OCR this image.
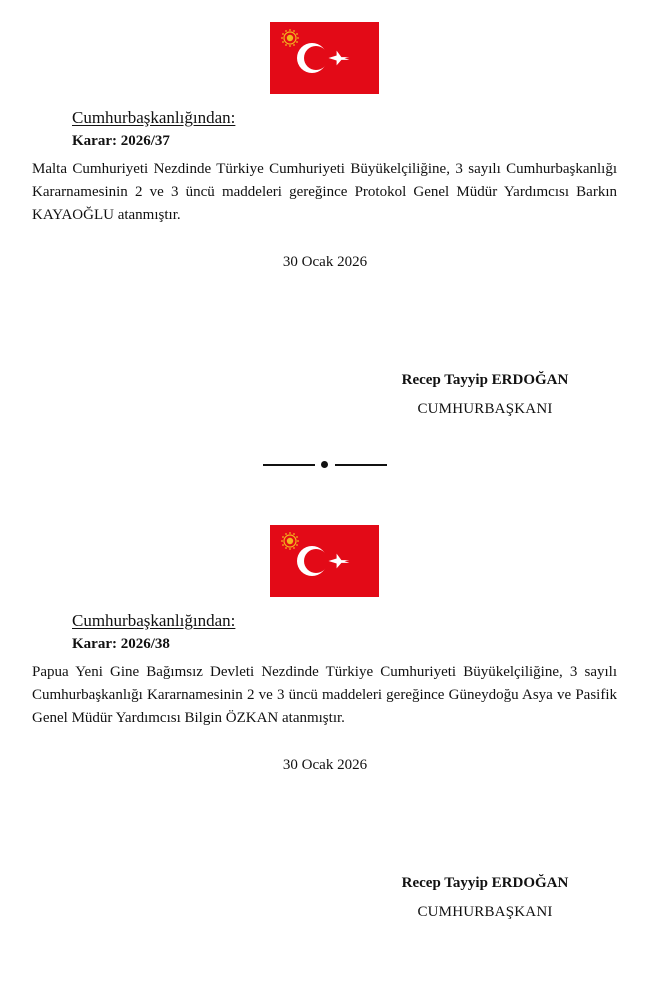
Cumhurbaşkanlığından:
Karar: 2026/37
Malta Cumhuriyeti Nezdinde Türkiye Cumhuriyeti Büyükelçiliğine, 3 sayılı Cumhurbaşkanlığı Kararnamesinin 2 ve 3 üncü maddeleri gereğince Protokol Genel Müdür Yardımcısı Barkın KAYAOĞLU atanmıştır.
30 Ocak 2026
Recep Tayyip ERDOĞAN
CUMHURBAŞKANI
Cumhurbaşkanlığından:
Karar: 2026/38
Papua Yeni Gine Bağımsız Devleti Nezdinde Türkiye Cumhuriyeti Büyükelçiliğine, 3 sayılı Cumhurbaşkanlığı Kararnamesinin 2 ve 3 üncü maddeleri gereğince Güneydoğu Asya ve Pasifik Genel Müdür Yardımcısı Bilgin ÖZKAN atanmıştır.
30 Ocak 2026
Recep Tayyip ERDOĞAN
CUMHURBAŞKANI
